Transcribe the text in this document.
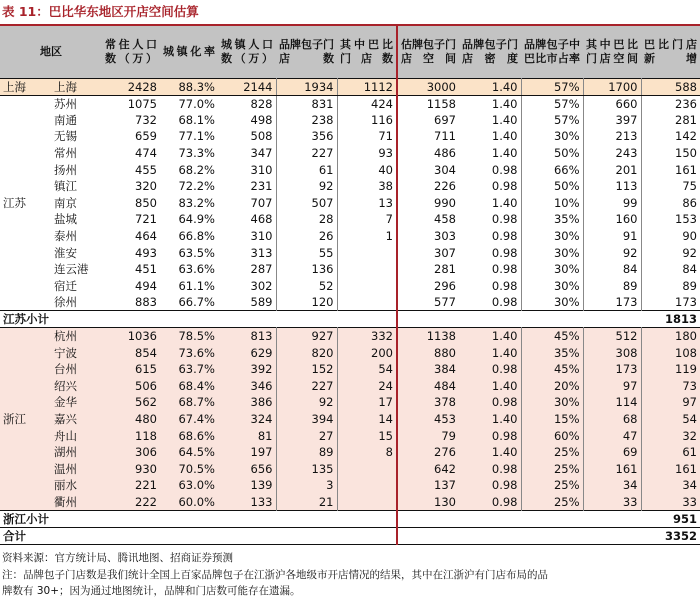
表 11：巴比华东地区开店空间估算
地区		常住人口数（万）	城镇化率	城镇人口数（万）	品牌包子门店数	其中巴比门店数	估牌包子门店空间	品牌包子门店密度	品牌包子中巴比市占率	其中巴比门店空间	巴比门店新增
上海	上海	2428	88.3%	2144	1934	1112	3000	1.40	57%	1700	588
	苏州	1075	77.0%	828	831	424	1158	1.40	57%	660	236
	南通	732	68.1%	498	238	116	697	1.40	57%	397	281
	无锡	659	77.1%	508	356	71	711	1.40	30%	213	142
	常州	474	73.3%	347	227	93	486	1.40	50%	243	150
	扬州	455	68.2%	310	61	40	304	0.98	66%	201	161
	镇江	320	72.2%	231	92	38	226	0.98	50%	113	75
江苏	南京	850	83.2%	707	507	13	990	1.40	10%	99	86
	盐城	721	64.9%	468	28	7	458	0.98	35%	160	153
	泰州	464	66.8%	310	26	1	303	0.98	30%	91	90
	淮安	493	63.5%	313	55		307	0.98	30%	92	92
	连云港	451	63.6%	287	136		281	0.98	30%	84	84
	宿迁	494	61.1%	302	52		296	0.98	30%	89	89
	徐州	883	66.7%	589	120		577	0.98	30%	173	173
江苏小计											1813
	杭州	1036	78.5%	813	927	332	1138	1.40	45%	512	180
	宁波	854	73.6%	629	820	200	880	1.40	35%	308	108
	台州	615	63.7%	392	152	54	384	0.98	45%	173	119
	绍兴	506	68.4%	346	227	24	484	1.40	20%	97	73
	金华	562	68.7%	386	92	17	378	0.98	30%	114	97
浙江	嘉兴	480	67.4%	324	394	14	453	1.40	15%	68	54
	舟山	118	68.6%	81	27	15	79	0.98	60%	47	32
	湖州	306	64.5%	197	89	8	276	1.40	25%	69	61
	温州	930	70.5%	656	135		642	0.98	25%	161	161
	丽水	221	63.0%	139	3		137	0.98	25%	34	34
	衢州	222	60.0%	133	21		130	0.98	25%	33	33
浙江小计											951
合计											3352
资料来源：官方统计局、腾讯地图、招商证券预测
注：品牌包子门店数是我们统计全国上百家品牌包子在江浙沪各地级市开店情况的结果，其中在江浙沪有门店布局的品
牌数有 30+；因为通过地图统计，品牌和门店数可能存在遗漏。
